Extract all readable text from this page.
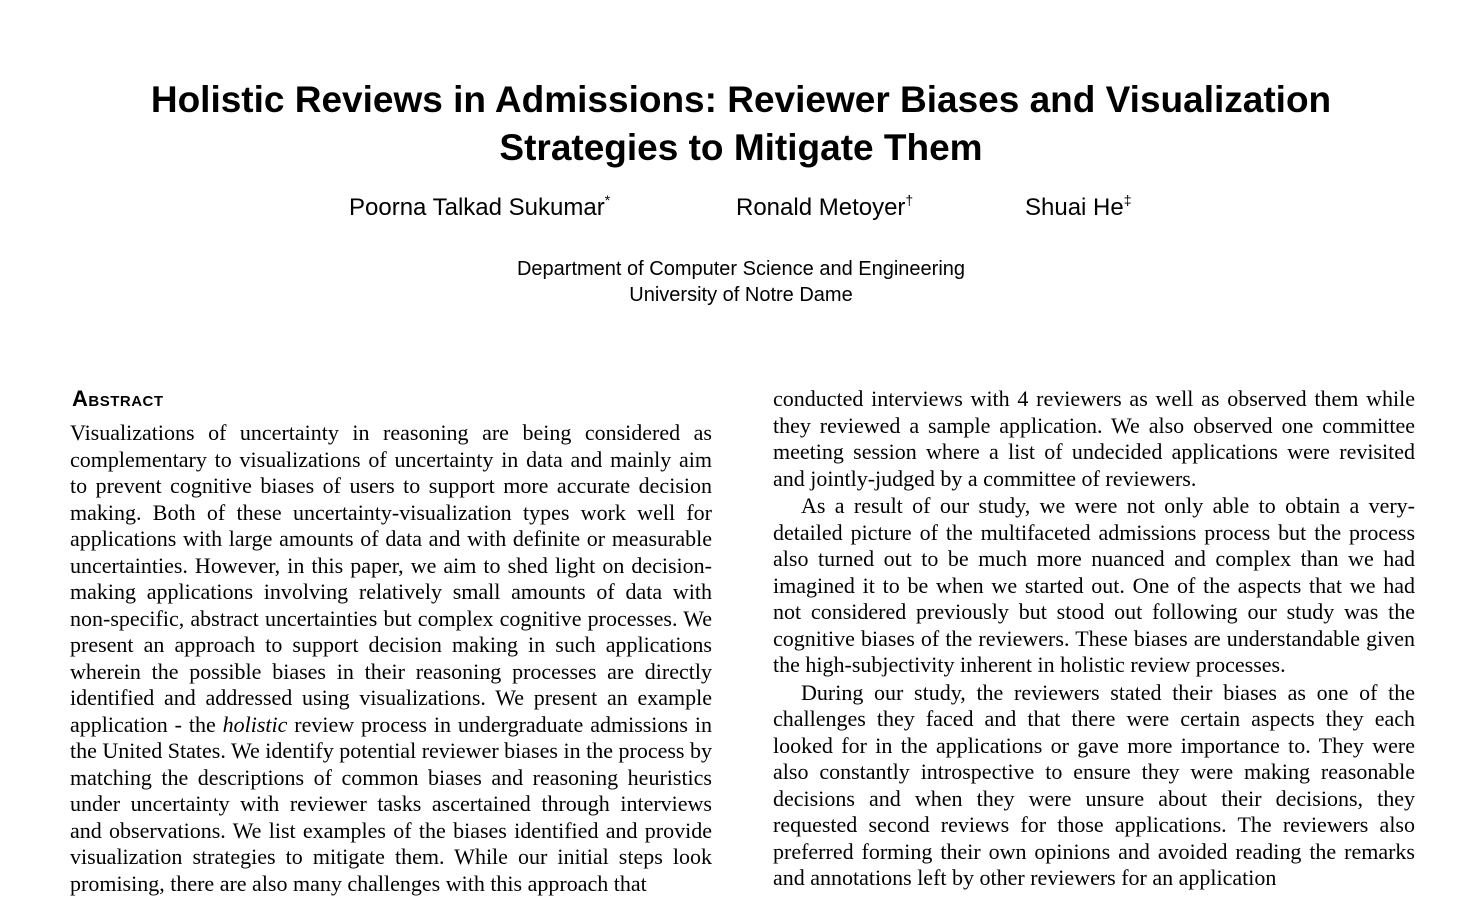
Holistic Reviews in Admissions: Reviewer Biases and Visualization
Strategies to Mitigate Them
Poorna Talkad Sukumar*	Ronald Metoyer†	Shuai He‡
Department of Computer Science and Engineering
University of Notre Dame
Abstract

Visualizations of uncertainty in reasoning are being considered as complementary to visualizations of uncertainty in data and mainly aim to prevent cognitive biases of users to support more accurate decision making. Both of these uncertainty-visualization types work well for applications with large amounts of data and with definite or measurable uncertainties. However, in this paper, we aim to shed light on decision-making applications involving relatively small amounts of data with non-specific, abstract uncertainties but complex cognitive processes. We present an approach to support decision making in such applications wherein the possible biases in their reasoning processes are directly identified and addressed using visualizations. We present an example application - the holistic review process in undergraduate admissions in the United States. We identify potential reviewer biases in the process by matching the descriptions of common biases and reasoning heuristics under uncertainty with reviewer tasks ascertained through interviews and observations. We list examples of the biases identified and provide visualization strategies to mitigate them. While our initial steps look promising, there are also many challenges with this approach that

conducted interviews with 4 reviewers as well as observed them while they reviewed a sample application. We also observed one committee meeting session where a list of undecided applications were revisited and jointly-judged by a committee of reviewers.

As a result of our study, we were not only able to obtain a very-detailed picture of the multifaceted admissions process but the process also turned out to be much more nuanced and complex than we had imagined it to be when we started out. One of the aspects that we had not considered previously but stood out following our study was the cognitive biases of the reviewers. These biases are understandable given the high-subjectivity inherent in holistic review processes.

During our study, the reviewers stated their biases as one of the challenges they faced and that there were certain aspects they each looked for in the applications or gave more importance to. They were also constantly introspective to ensure they were making reasonable decisions and when they were unsure about their decisions, they requested second reviews for those applications. The reviewers also preferred forming their own opinions and avoided reading the remarks and annotations left by other reviewers for an application
